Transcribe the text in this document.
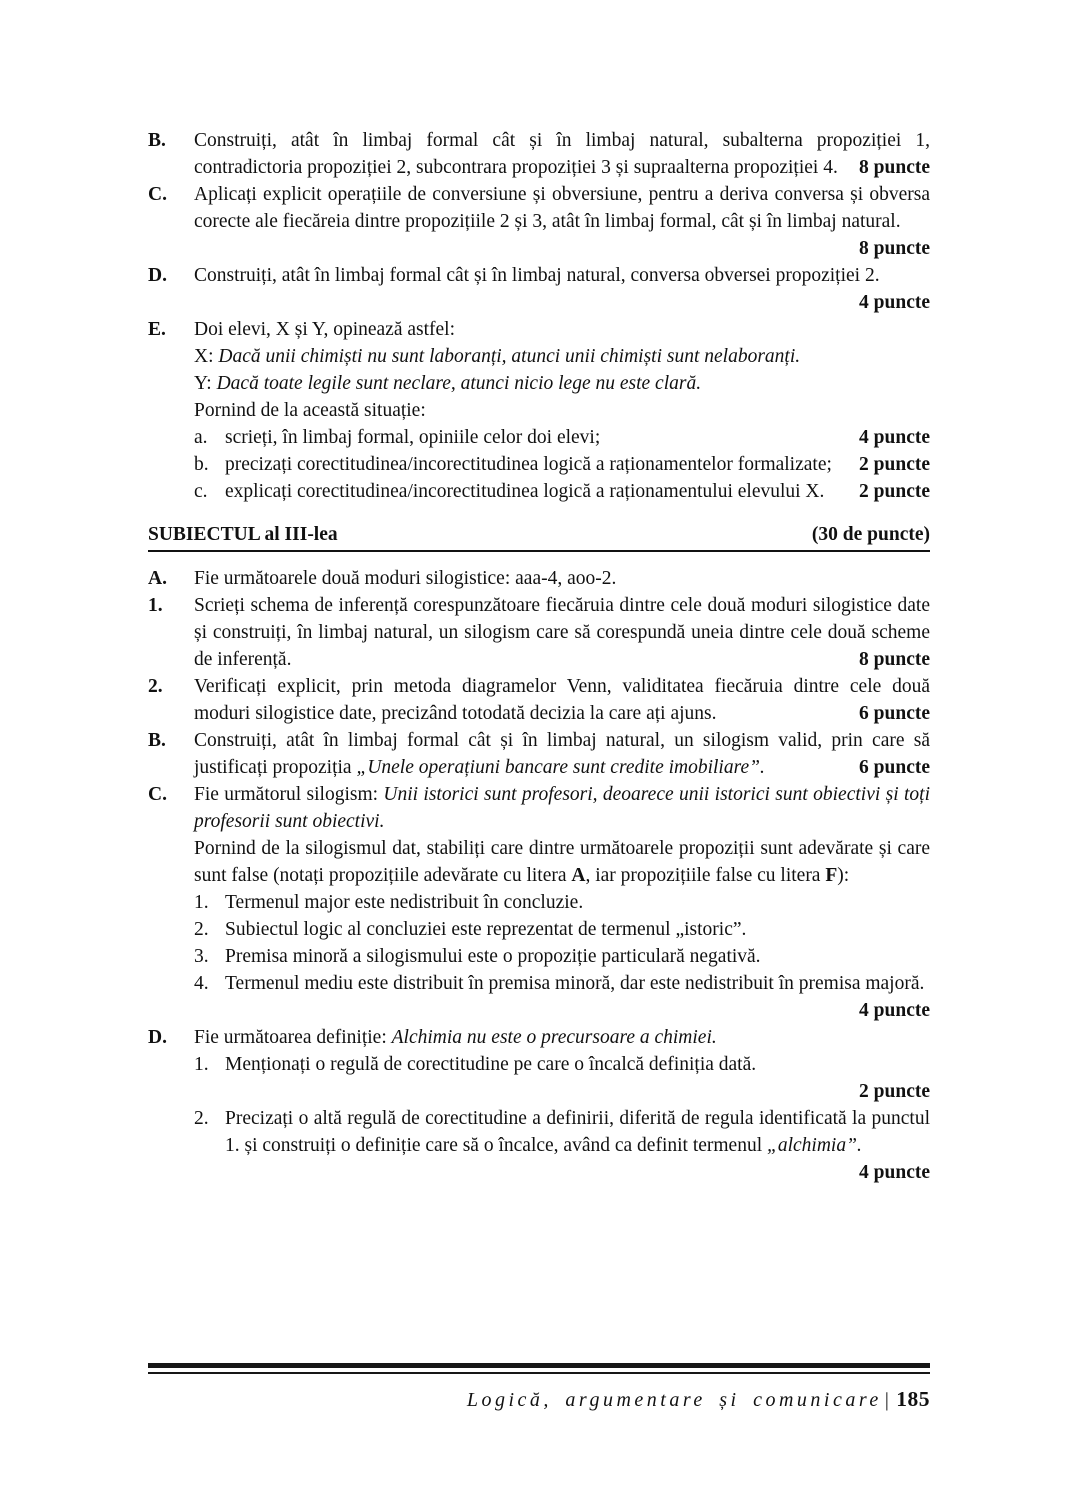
B.	Construiți, atât în limbaj formal cât și în limbaj natural, subalterna propoziției 1, contradictoria propoziției 2, subcontrara propoziției 3 și supraalterna propoziției 4. 8 puncte
C.	Aplicați explicit operațiile de conversiune și obversiune, pentru a deriva conversa și obversa corecte ale fiecăreia dintre propozițiile 2 și 3, atât în limbaj formal, cât și în limbaj natural.
8 puncte
D.	Construiți, atât în limbaj formal cât și în limbaj natural, conversa obversei propoziției 2.
4 puncte
E.	Doi elevi, X și Y, opinează astfel:
X: Dacă unii chimiști nu sunt laboranți, atunci unii chimiști sunt nelaboranți.
Y: Dacă toate legile sunt neclare, atunci nicio lege nu este clară.
Pornind de la această situație:
a. scrieți, în limbaj formal, opiniile celor doi elevi;	4 puncte
b. precizați corectitudinea/incorectitudinea logică a raționamentelor formalizate; 2 puncte
c. explicați corectitudinea/incorectitudinea logică a raționamentului elevului X. 2 puncte
SUBIECTUL al III-lea	(30 de puncte)
A.	Fie următoarele două moduri silogistice: aaa-4, aoo-2.
1.	Scrieți schema de inferență corespunzătoare fiecăruia dintre cele două moduri silogistice date și construiți, în limbaj natural, un silogism care să corespundă uneia dintre cele două scheme de inferență.	8 puncte
2.	Verificați explicit, prin metoda diagramelor Venn, validitatea fiecăruia dintre cele două moduri silogistice date, precizând totodată decizia la care ați ajuns.	6 puncte
B.	Construiți, atât în limbaj formal cât și în limbaj natural, un silogism valid, prin care să justificați propoziția „Unele operațiuni bancare sunt credite imobiliare”.	6 puncte
C.	Fie următorul silogism: Unii istorici sunt profesori, deoarece unii istorici sunt obiectivi și toți profesorii sunt obiectivi.
Pornind de la silogismul dat, stabiliți care dintre următoarele propoziții sunt adevărate și care sunt false (notați propozițiile adevărate cu litera A, iar propozițiile false cu litera F):
1. Termenul major este nedistribuit în concluzie.
2. Subiectul logic al concluziei este reprezentat de termenul „istoric”.
3. Premisa minoră a silogismului este o propoziție particulară negativă.
4. Termenul mediu este distribuit în premisa minoră, dar este nedistribuit în premisa majoră.
4 puncte
D.	Fie următoarea definiție: Alchimia nu este o precursoare a chimiei.
1. Menționați o regulă de corectitudine pe care o încalcă definiția dată.
2 puncte
2. Precizați o altă regulă de corectitudine a definirii, diferită de regula identificată la punctul 1. și construiți o definiție care să o încalce, având ca definit termenul „alchimia”.
4 puncte
Logică, argumentare și comunicare | 185
